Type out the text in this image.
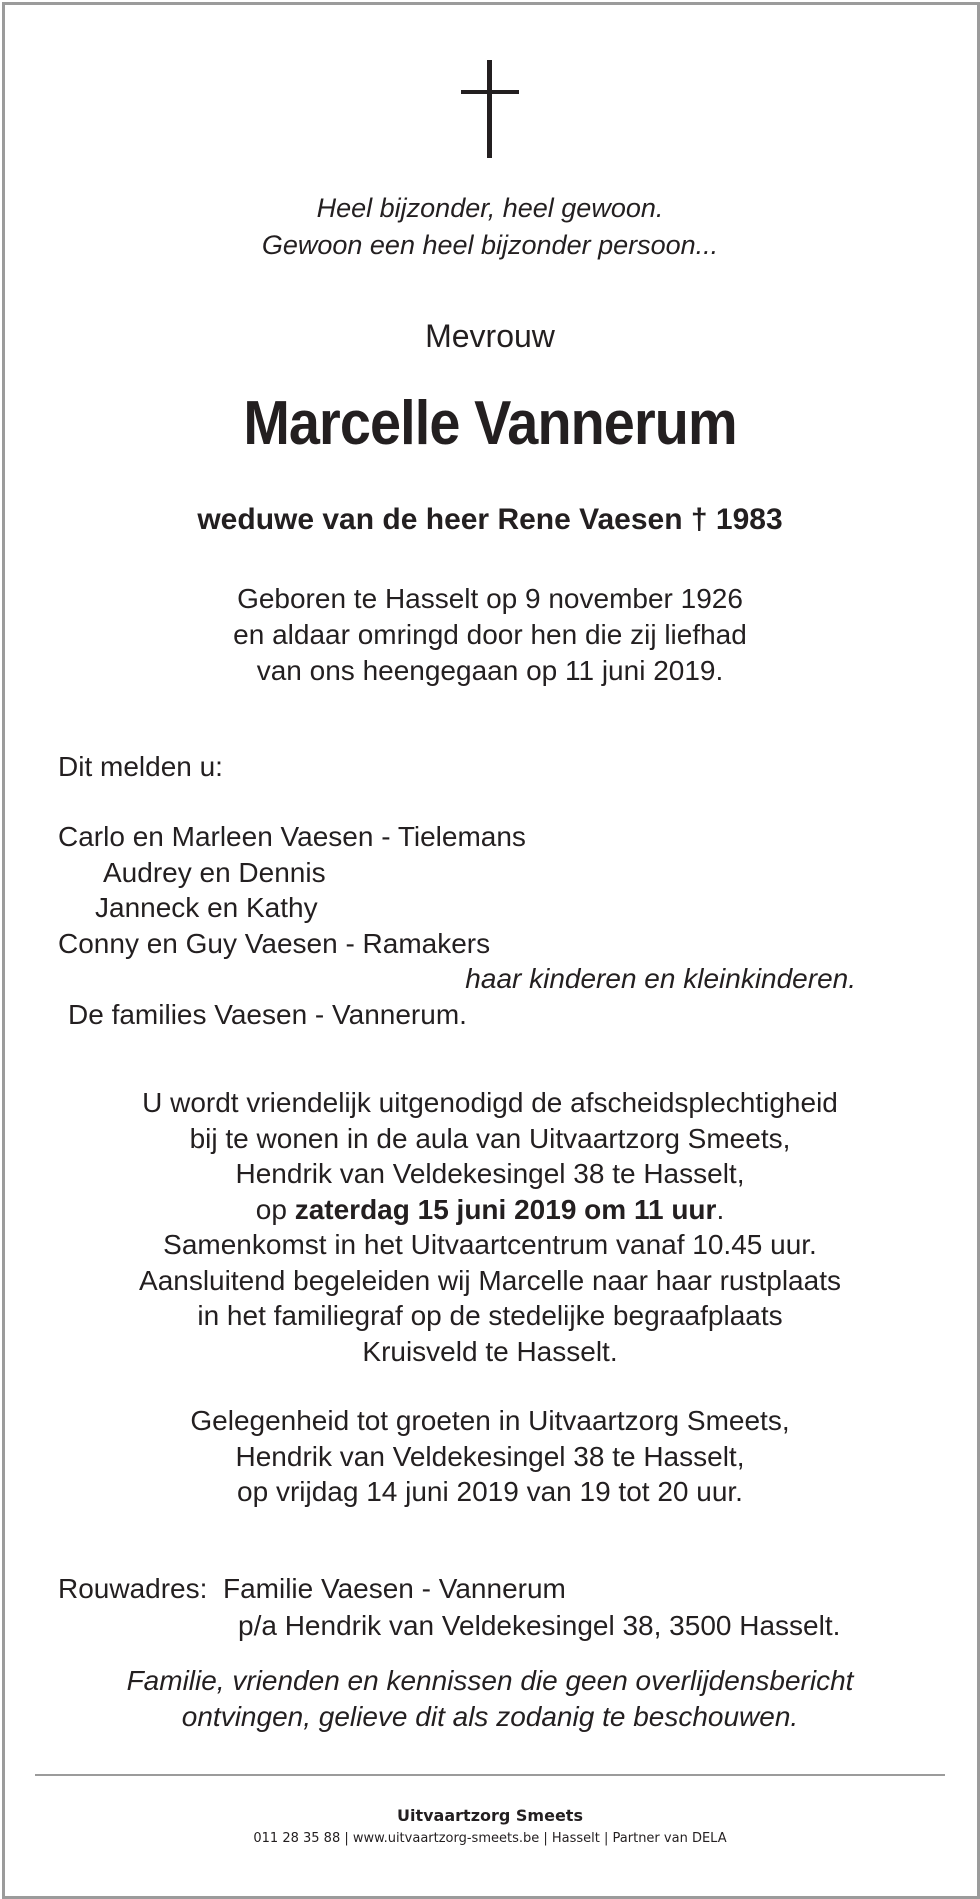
Heel bijzonder, heel gewoon.
Gewoon een heel bijzonder persoon...
Mevrouw
Marcelle Vannerum
weduwe van de heer Rene Vaesen † 1983
Geboren te Hasselt op 9 november 1926
en aldaar omringd door hen die zij liefhad
van ons heengegaan op 11 juni 2019.
Dit melden u:
Carlo en Marleen Vaesen - Tielemans
Audrey en Dennis
Janneck en Kathy
Conny en Guy Vaesen - Ramakers
haar kinderen en kleinkinderen.
De families Vaesen - Vannerum.
U wordt vriendelijk uitgenodigd de afscheidsplechtigheid
bij te wonen in de aula van Uitvaartzorg Smeets,
Hendrik van Veldekesingel 38 te Hasselt,
op zaterdag 15 juni 2019 om 11 uur.
Samenkomst in het Uitvaartcentrum vanaf 10.45 uur.
Aansluitend begeleiden wij Marcelle naar haar rustplaats
in het familiegraf op de stedelijke begraafplaats
Kruisveld te Hasselt.
Gelegenheid tot groeten in Uitvaartzorg Smeets,
Hendrik van Veldekesingel 38 te Hasselt,
op vrijdag 14 juni 2019 van 19 tot 20 uur.
Rouwadres: Familie Vaesen - Vannerum
p/a Hendrik van Veldekesingel 38, 3500 Hasselt.
Familie, vrienden en kennissen die geen overlijdensbericht
ontvingen, gelieve dit als zodanig te beschouwen.
Uitvaartzorg Smeets
011 28 35 88 | www.uitvaartzorg-smeets.be | Hasselt | Partner van DELA
